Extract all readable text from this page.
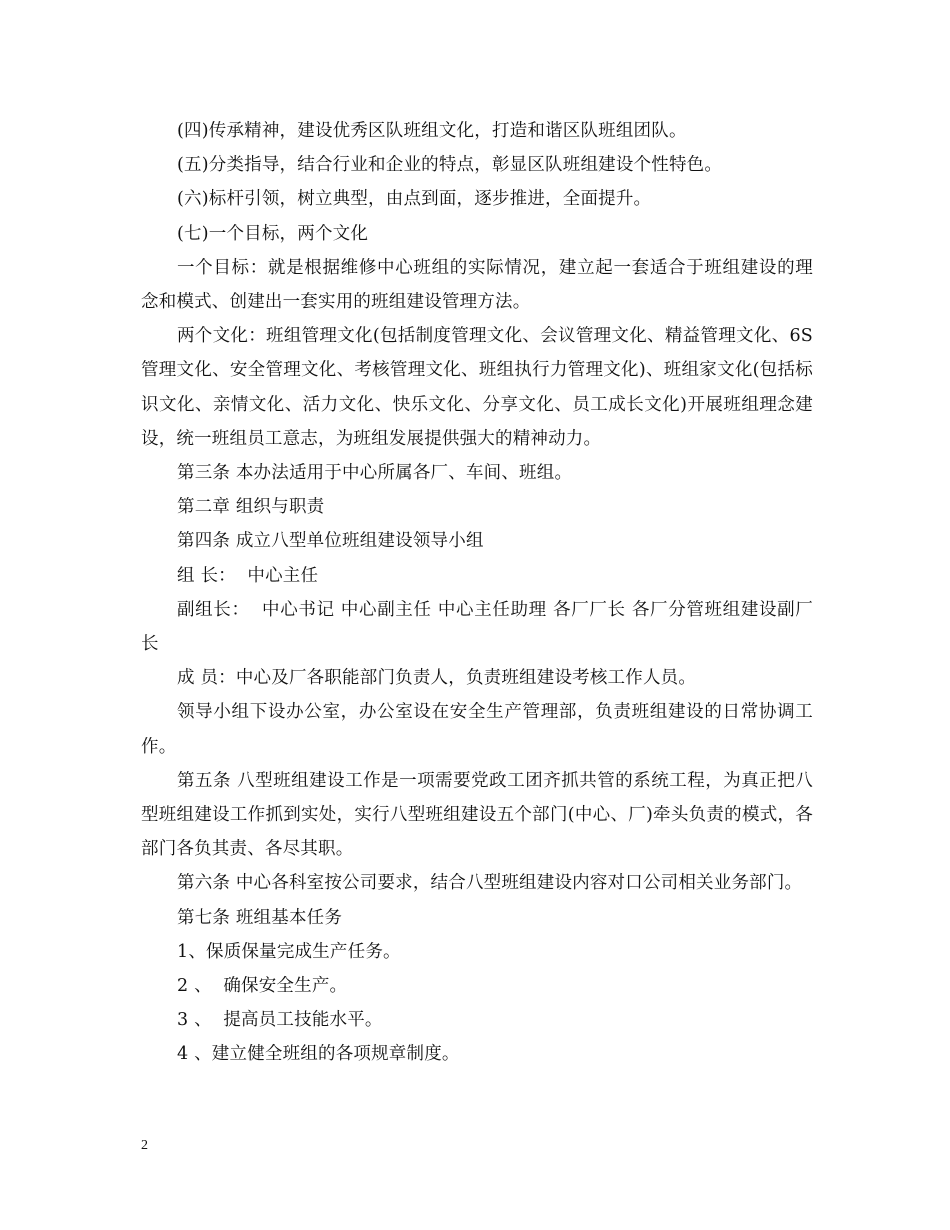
(四)传承精神，建设优秀区队班组文化，打造和谐区队班组团队。

(五)分类指导，结合行业和企业的特点，彰显区队班组建设个性特色。

(六)标杆引领，树立典型，由点到面，逐步推进，全面提升。

(七)一个目标，两个文化

一个目标：就是根据维修中心班组的实际情况，建立起一套适合于班组建设的理念和模式、创建出一套实用的班组建设管理方法。

两个文化：班组管理文化(包括制度管理文化、会议管理文化、精益管理文化、6S管理文化、安全管理文化、考核管理文化、班组执行力管理文化)、班组家文化(包括标识文化、亲情文化、活力文化、快乐文化、分享文化、员工成长文化)开展班组理念建设，统一班组员工意志，为班组发展提供强大的精神动力。

第三条 本办法适用于中心所属各厂、车间、班组。

第二章 组织与职责

第四条 成立八型单位班组建设领导小组

组 长：  中心主任

副组长：  中心书记 中心副主任 中心主任助理 各厂厂长 各厂分管班组建设副厂长

成 员：中心及厂各职能部门负责人，负责班组建设考核工作人员。

领导小组下设办公室，办公室设在安全生产管理部，负责班组建设的日常协调工作。

第五条 八型班组建设工作是一项需要党政工团齐抓共管的系统工程，为真正把八型班组建设工作抓到实处，实行八型班组建设五个部门(中心、厂)牵头负责的模式，各部门各负其责、各尽其职。

第六条 中心各科室按公司要求，结合八型班组建设内容对口公司相关业务部门。

第七条 班组基本任务

1、保质保量完成生产任务。

2 、  确保安全生产。

3 、  提高员工技能水平。

4 、建立健全班组的各项规章制度。

2
